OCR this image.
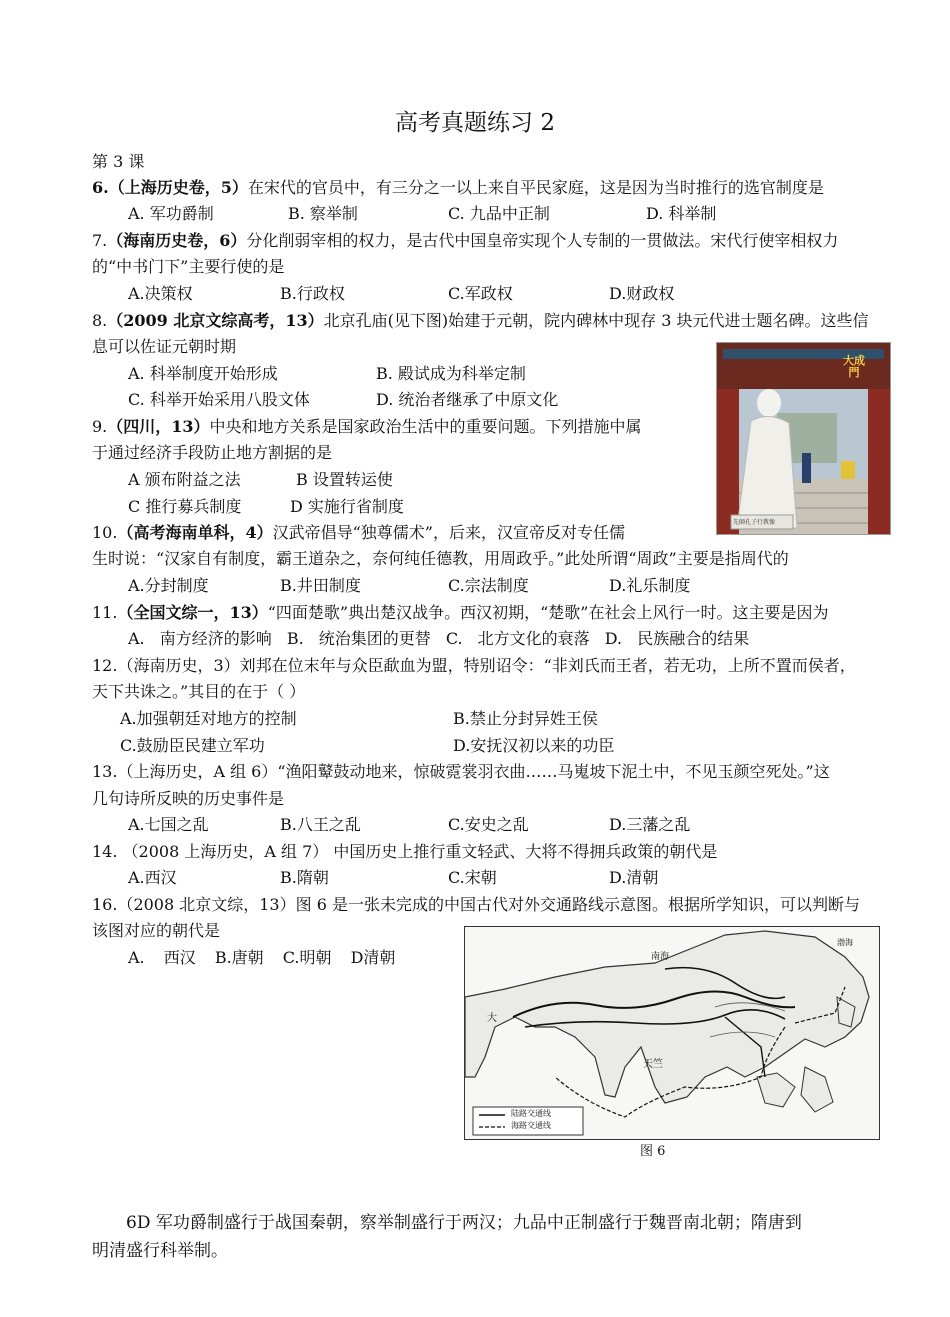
高考真题练习 2
第 3 课
6.（上海历史卷，5）在宋代的官员中，有三分之一以上来自平民家庭，这是因为当时推行的选官制度是
A. 军功爵制	B. 察举制	C. 九品中正制	D. 科举制
7.（海南历史卷，6）分化削弱宰相的权力，是古代中国皇帝实现个人专制的一贯做法。宋代行使宰相权力
的“中书门下”主要行使的是
A.决策权	B.行政权	C.军政权	D.财政权
8.（2009 北京文综高考，13）北京孔庙(见下图)始建于元朝，院内碑林中现存 3 块元代进士题名碑。这些信
息可以佐证元朝时期
A. 科举制度开始形成	B. 殿试成为科举定制
C. 科举开始采用八股文体	D. 统治者继承了中原文化
大成門
先師孔子行教像
9.（四川，13）中央和地方关系是国家政治生活中的重要问题。下列措施中属
于通过经济手段防止地方割据的是
A 颁布附益之法	B 设置转运使
C 推行募兵制度	D 实施行省制度
10.（高考海南单科，4）汉武帝倡导“独尊儒术”，后来，汉宣帝反对专任儒
生时说：“汉家自有制度，霸王道杂之，奈何纯任德教，用周政乎。”此处所谓“周政”主要是指周代的
A.分封制度	B.井田制度	C.宗法制度	D.礼乐制度
11.（全国文综一，13）“四面楚歌”典出楚汉战争。西汉初期，“楚歌”在社会上风行一时。这主要是因为
A. 南方经济的影响 B. 统治集团的更替 C. 北方文化的衰落 D. 民族融合的结果
12.（海南历史，3）刘邦在位末年与众臣歃血为盟，特别诏令：“非刘氏而王者，若无功，上所不置而侯者，
天下共诛之。”其目的在于（ ）
A.加强朝廷对地方的控制	B.禁止分封异姓王侯
C.鼓励臣民建立军功	D.安抚汉初以来的功臣
13.（上海历史，A 组 6）“渔阳鼙鼓动地来，惊破霓裳羽衣曲……马嵬坡下泥土中，不见玉颜空死处。”这
几句诗所反映的历史事件是
A.七国之乱	B.八王之乱	C.安史之乱	D.三藩之乱
14. （2008 上海历史，A 组 7） 中国历史上推行重文轻武、大将不得拥兵政策的朝代是
A.西汉	B.隋朝	C.宋朝	D.清朝
16.（2008 北京文综，13）图 6 是一张未完成的中国古代对外交通路线示意图。根据所学知识，可以判断与
该图对应的朝代是
A. 西汉 B.唐朝 C.明朝 D清朝
陆路交通线
海路交通线
南海
大
天竺
渤海
图 6
6D 军功爵制盛行于战国秦朝，察举制盛行于两汉；九品中正制盛行于魏晋南北朝；隋唐到
明清盛行科举制。
